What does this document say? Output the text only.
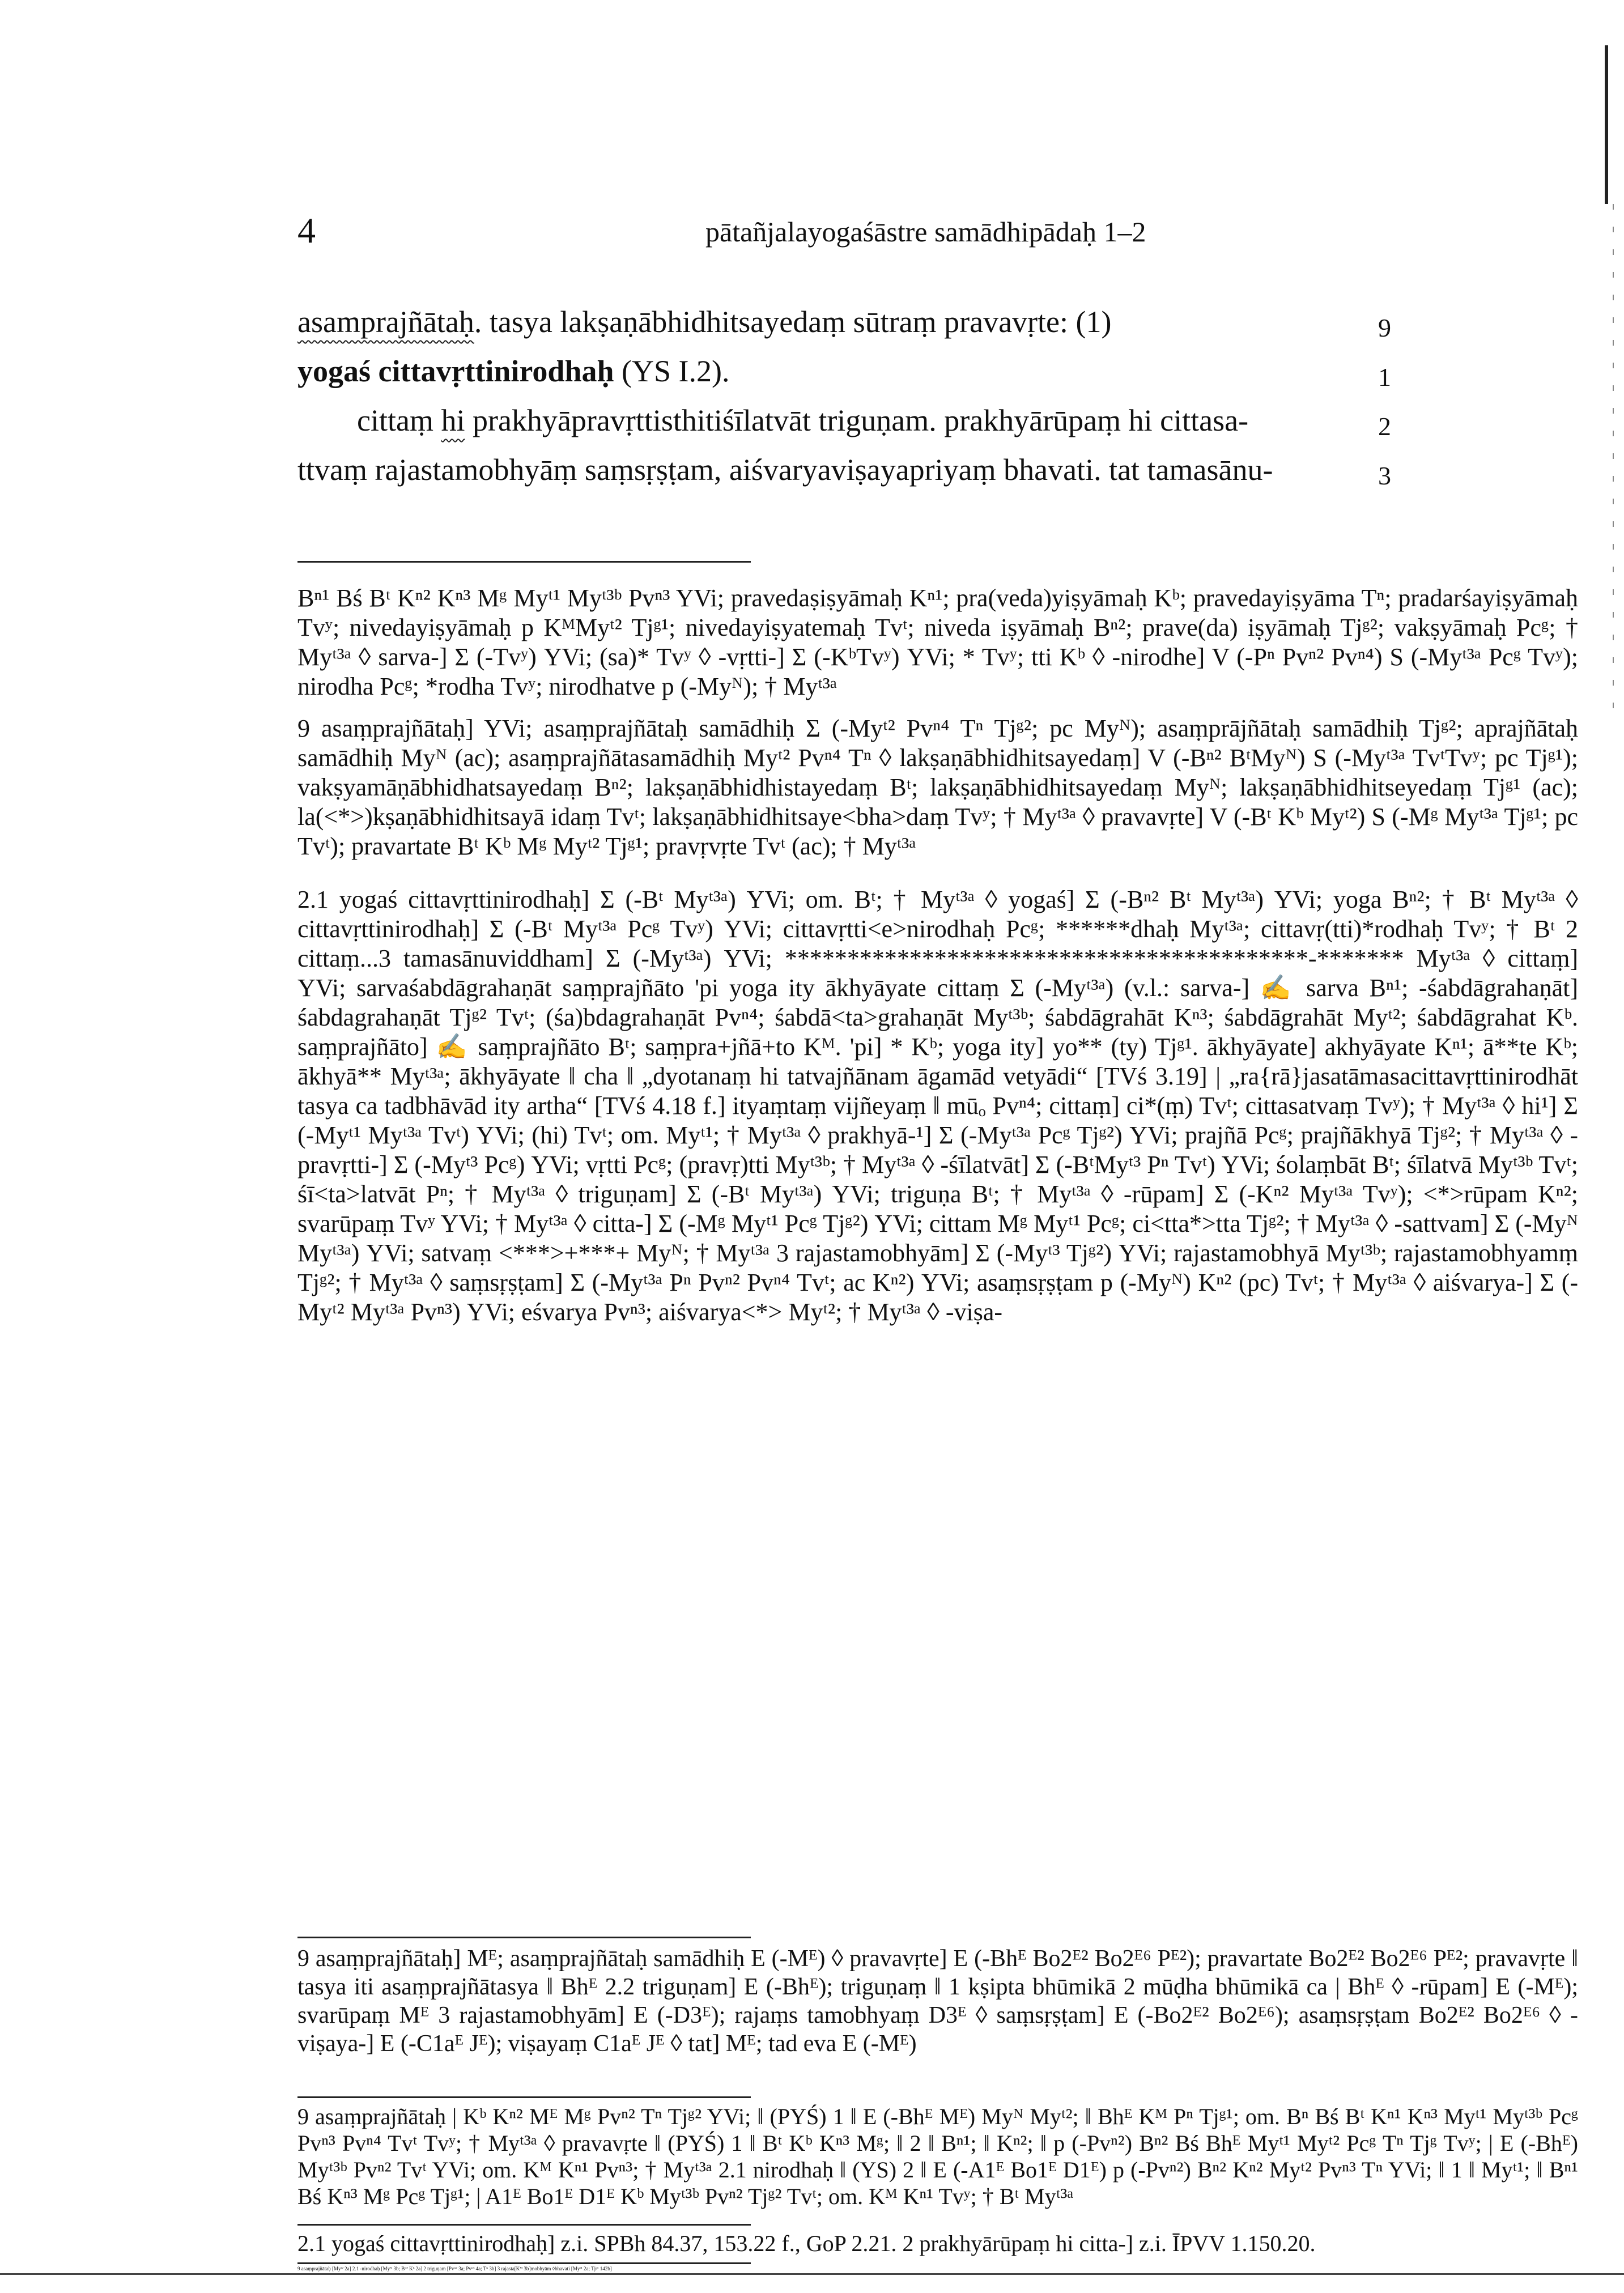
4	pātañjalayogaśāstre samādhipādaḥ 1–2
asamprajñātaḥ. tasya lakṣaṇābhidhitsayedaṃ sūtraṃ pravavṛte: (1)	9
yogaś cittavṛttinirodhaḥ (YS I.2).	1
cittaṃ hi prakhyāpravṛttisthitiśīlatvāt triguṇam. prakhyārūpaṃ hi cittasa-	2
ttvaṃ rajastamobhyāṃ saṃsṛṣṭam, aiśvaryaviṣayapriyaṃ bhavati. tat tamasānu-	3

Bⁿ¹ Bś Bᵗ Kⁿ² Kⁿ³ Mᵍ Myᵗ¹ Myᵗ³ᵇ Pvⁿ³ YVi; pravedaṣiṣyāmaḥ Kⁿ¹; pra(veda)yiṣyāmaḥ Kᵇ; pravedayiṣyāma Tⁿ; pradarśayiṣyāmaḥ Tvʸ; nivedayiṣyāmaḥ p KᴹMyᵗ² Tjᵍ¹; nivedayiṣyatemaḥ Tvᵗ; niveda iṣyāmaḥ Bⁿ²; prave(da) iṣyāmaḥ Tjᵍ²; vakṣyāmaḥ Pcᵍ; † Myᵗ³ᵃ ◊ sarva-] Σ (-Tvʸ) YVi; (sa)* Tvʸ ◊ -vṛtti-] Σ (-KᵇTvʸ) YVi; * Tvʸ; tti Kᵇ ◊ -nirodhe] V (-Pⁿ Pvⁿ² Pvⁿ⁴) S (-Myᵗ³ᵃ Pcᵍ Tvʸ); nirodha Pcᵍ; *rodha Tvʸ; nirodhatve p (-Myᴺ); † Myᵗ³ᵃ

9 asaṃprajñātaḥ] YVi; asaṃprajñātaḥ samādhiḥ Σ (-Myᵗ² Pvⁿ⁴ Tⁿ Tjᵍ²; pc Myᴺ); asaṃprājñātaḥ samādhiḥ Tjᵍ²; aprajñātaḥ samādhiḥ Myᴺ (ac); asaṃprajñātasamādhiḥ Myᵗ² Pvⁿ⁴ Tⁿ ◊ lakṣaṇābhidhitsayedaṃ] V (-Bⁿ² BᵗMyᴺ) S (-Myᵗ³ᵃ TvᵗTvʸ; pc Tjᵍ¹); vakṣyamāṇābhidhatsayedaṃ Bⁿ²; lakṣaṇābhidhistayedaṃ Bᵗ; lakṣaṇābhidhitsayedaṃ Myᴺ; lakṣaṇābhidhitseyedaṃ Tjᵍ¹ (ac); la(<*>)kṣaṇābhidhitsayā idaṃ Tvᵗ; lakṣaṇābhidhitsaye<bha>daṃ Tvʸ; † Myᵗ³ᵃ ◊ pravavṛte] V (-Bᵗ Kᵇ Myᵗ²) S (-Mᵍ Myᵗ³ᵃ Tjᵍ¹; pc Tvᵗ); pravartate Bᵗ Kᵇ Mᵍ Myᵗ² Tjᵍ¹; pravṛvṛte Tvᵗ (ac); † Myᵗ³ᵃ

2.1 yogaś cittavṛttinirodhaḥ] Σ (-Bᵗ Myᵗ³ᵃ) YVi; om. Bᵗ; † Myᵗ³ᵃ ◊ yogaś] Σ (-Bⁿ² Bᵗ Myᵗ³ᵃ) YVi; yoga Bⁿ²; † Bᵗ Myᵗ³ᵃ ◊ cittavṛttinirodhaḥ] Σ (-Bᵗ Myᵗ³ᵃ Pcᵍ Tvʸ) YVi; cittavṛtti<e>nirodhaḥ Pcᵍ; ******dhaḥ Myᵗ³ᵃ; cittavṛ(tti)*rodhaḥ Tvʸ; † Bᵗ 2 cittaṃ...3 tamasānuviddham] Σ (-Myᵗ³ᵃ) YVi; ******************************************-******* Myᵗ³ᵃ ◊ cittaṃ] YVi; sarvaśabdāgrahaṇāt saṃprajñāto 'pi yoga ity ākhyāyate cittaṃ Σ (-Myᵗ³ᵃ) (v.l.: sarva-] ✍ sarva Bⁿ¹; -śabdāgrahaṇāt] śabdagrahaṇāt Tjᵍ² Tvᵗ; (śa)bdagrahaṇāt Pvⁿ⁴; śabdā<ta>grahaṇāt Myᵗ³ᵇ; śabdāgrahāt Kⁿ³; śabdāgrahāt Myᵗ²; śabdāgrahat Kᵇ. saṃprajñāto] ✍ saṃprajñāto Bᵗ; saṃpra+jñā+to Kᴹ. 'pi] * Kᵇ; yoga ity] yo** (ty) Tjᵍ¹. ākhyāyate] akhyāyate Kⁿ¹; ā**te Kᵇ; ākhyā** Myᵗ³ᵃ; ākhyāyate ‖ cha ‖ „dyotanaṃ hi tatvajñānam āgamād vetyādi“ [TVś 3.19] | „ra{rā}jasatāmasacittavṛttinirodhāt tasya ca tadbhāvād ity artha“ [TVś 4.18 f.] ityaṃtaṃ vijñeyaṃ ‖ mūₒ Pvⁿ⁴; cittaṃ] ci*(ṃ) Tvᵗ; cittasatvaṃ Tvʸ); † Myᵗ³ᵃ ◊ hi¹] Σ (-Myᵗ¹ Myᵗ³ᵃ Tvᵗ) YVi; (hi) Tvᵗ; om. Myᵗ¹; † Myᵗ³ᵃ ◊ prakhyā-¹] Σ (-Myᵗ³ᵃ Pcᵍ Tjᵍ²) YVi; prajñā Pcᵍ; prajñākhyā Tjᵍ²; † Myᵗ³ᵃ ◊ -pravṛtti-] Σ (-Myᵗ³ Pcᵍ) YVi; vṛtti Pcᵍ; (pravṛ)tti Myᵗ³ᵇ; † Myᵗ³ᵃ ◊ -śīlatvāt] Σ (-BᵗMyᵗ³ Pⁿ Tvᵗ) YVi; śolaṃbāt Bᵗ; śīlatvā Myᵗ³ᵇ Tvᵗ; śī<ta>latvāt Pⁿ; † Myᵗ³ᵃ ◊ triguṇam] Σ (-Bᵗ Myᵗ³ᵃ) YVi; triguṇa Bᵗ; † Myᵗ³ᵃ ◊ -rūpam] Σ (-Kⁿ² Myᵗ³ᵃ Tvʸ); <*>rūpam Kⁿ²; svarūpaṃ Tvʸ YVi; † Myᵗ³ᵃ ◊ citta-] Σ (-Mᵍ Myᵗ¹ Pcᵍ Tjᵍ²) YVi; cittam Mᵍ Myᵗ¹ Pcᵍ; ci<tta*>tta Tjᵍ²; † Myᵗ³ᵃ ◊ -sattvam] Σ (-Myᴺ Myᵗ³ᵃ) YVi; satvaṃ <***>+***+ Myᴺ; † Myᵗ³ᵃ 3 rajastamobhyām] Σ (-Myᵗ³ Tjᵍ²) YVi; rajastamobhyā Myᵗ³ᵇ; rajastamobhyamṃ Tjᵍ²; † Myᵗ³ᵃ ◊ saṃsṛṣṭam] Σ (-Myᵗ³ᵃ Pⁿ Pvⁿ² Pvⁿ⁴ Tvᵗ; ac Kⁿ²) YVi; asaṃsṛṣṭam p (-Myᴺ) Kⁿ² (pc) Tvᵗ; † Myᵗ³ᵃ ◊ aiśvarya-] Σ (-Myᵗ² Myᵗ³ᵃ Pvⁿ³) YVi; eśvarya Pvⁿ³; aiśvarya<*> Myᵗ²; † Myᵗ³ᵃ ◊ -viṣa-

9 asaṃprajñātaḥ] Mᴱ; asaṃprajñātaḥ samādhiḥ E (-Mᴱ) ◊ pravavṛte] E (-Bhᴱ Bo2ᴱ² Bo2ᴱ⁶ Pᴱ²); pravartate Bo2ᴱ² Bo2ᴱ⁶ Pᴱ²; pravavṛte ‖ tasya iti asaṃprajñātasya ‖ Bhᴱ 2.2 triguṇam] E (-Bhᴱ); triguṇaṃ ‖ 1 kṣipta bhūmikā 2 mūḍha bhūmikā ca | Bhᴱ ◊ -rūpam] E (-Mᴱ); svarūpaṃ Mᴱ 3 rajastamobhyām] E (-D3ᴱ); rajaṃs tamobhyaṃ D3ᴱ ◊ saṃsṛṣṭam] E (-Bo2ᴱ² Bo2ᴱ⁶); asaṃsṛṣṭam Bo2ᴱ² Bo2ᴱ⁶ ◊ -viṣaya-] E (-C1aᴱ Jᴱ); viṣayaṃ C1aᴱ Jᴱ ◊ tat] Mᴱ; tad eva E (-Mᴱ)

9 asaṃprajñātaḥ | Kᵇ Kⁿ² Mᴱ Mᵍ Pvⁿ² Tⁿ Tjᵍ² YVi; ‖ (PYŚ) 1 ‖ E (-Bhᴱ Mᴱ) Myᴺ Myᵗ²; ‖ Bhᴱ Kᴹ Pⁿ Tjᵍ¹; om. Bⁿ Bś Bᵗ Kⁿ¹ Kⁿ³ Myᵗ¹ Myᵗ³ᵇ Pcᵍ Pvⁿ³ Pvⁿ⁴ Tvᵗ Tvʸ; † Myᵗ³ᵃ ◊ pravavṛte ‖ (PYŚ) 1 ‖ Bᵗ Kᵇ Kⁿ³ Mᵍ; ‖ 2 ‖ Bⁿ¹; ‖ Kⁿ²; ‖ p (-Pvⁿ²) Bⁿ² Bś Bhᴱ Myᵗ¹ Myᵗ² Pcᵍ Tⁿ Tjᵍ Tvʸ; | E (-Bhᴱ) Myᵗ³ᵇ Pvⁿ² Tvᵗ YVi; om. Kᴹ Kⁿ¹ Pvⁿ³; † Myᵗ³ᵃ 2.1 nirodhaḥ ‖ (YS) 2 ‖ E (-A1ᴱ Bo1ᴱ D1ᴱ) p (-Pvⁿ²) Bⁿ² Kⁿ² Myᵗ² Pvⁿ³ Tⁿ YVi; ‖ 1 ‖ Myᵗ¹; ‖ Bⁿ¹ Bś Kⁿ³ Mᵍ Pcᵍ Tjᵍ¹; | A1ᴱ Bo1ᴱ D1ᴱ Kᵇ Myᵗ³ᵇ Pvⁿ² Tjᵍ² Tvᵗ; om. Kᴹ Kⁿ¹ Tvʸ; † Bᵗ Myᵗ³ᵃ

2.1 yogaś cittavṛttinirodhaḥ] z.i. SPBh 84.37, 153.22 f., GoP 2.21. 2 prakhyārūpaṃ hi citta-] z.i. ĪPVV 1.150.20.

9 asaṃprajñātaḥ [Myᵗ² 2a] 2.1 -nirodhaḥ [Myᴺ 3b; Bⁿ² Kᵇ 2a] 2 triguṇam [Pvⁿ² 3a; Pvⁿ³ 4a; Tⁿ 3b] 3 rajasta[Kᴹ 3b]mobhyām ◊bhavati [Myᵗ¹ 2a; Tjᵍ¹ 142b]
